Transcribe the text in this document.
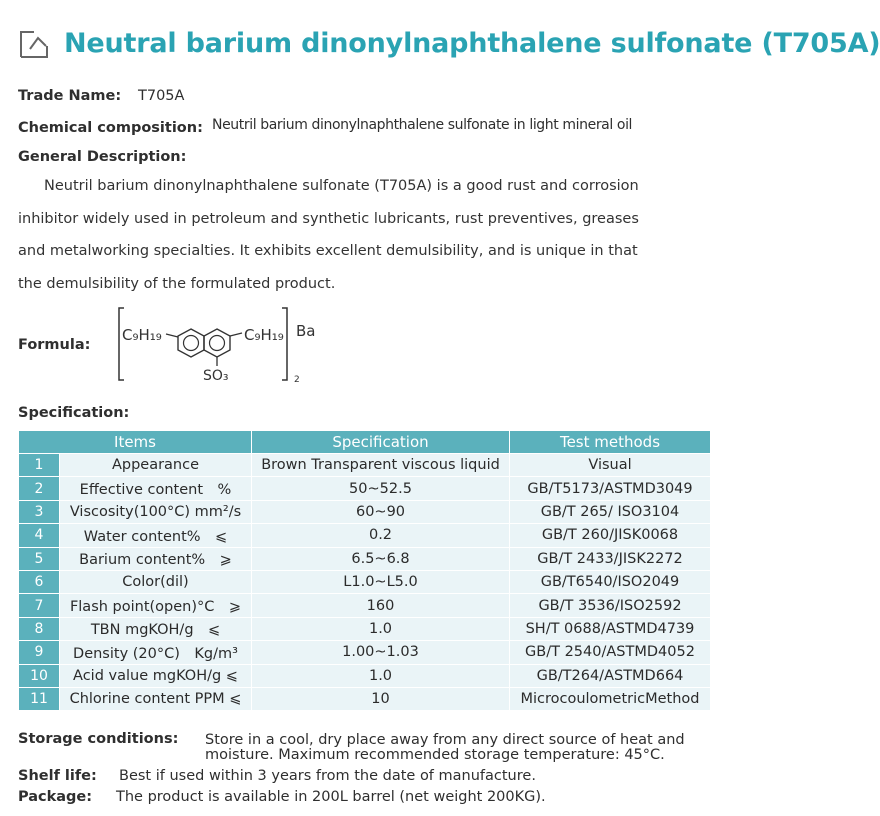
Neutral barium dinonylnaphthalene sulfonate (T705A)
Trade Name: T705A
Chemical composition: Neutril barium dinonylnaphthalene sulfonate in light mineral oil
General Description:

Neutril barium dinonylnaphthalene sulfonate (T705A) is a good rust and corrosion inhibitor widely used in petroleum and synthetic lubricants, rust preventives, greases and metalworking specialties. It exhibits excellent demulsibility, and is unique in that the demulsibility of the formulated product.

Formula:
C₉H₁₉	C₉H₁₉
SO₃
Ba
2
Specification:
Items		Specification	Test methods
1	Appearance	Brown Transparent viscous liquid	Visual
2	Effective content　%	50~52.5	GB/T5173/ASTMD3049
3	Viscosity(100°C) mm²/s	60~90	GB/T 265/ ISO3104
4	Water content%　⩽	0.2	GB/T 260/JISK0068
5	Barium content%　⩾	6.5~6.8	GB/T 2433/JISK2272
6	Color(dil)	L1.0~L5.0	GB/T6540/ISO2049
7	Flash point(open)°C　⩾	160	GB/T 3536/ISO2592
8	TBN mgKOH/g　⩽	1.0	SH/T 0688/ASTMD4739
9	Density (20°C)　Kg/m³	1.00~1.03	GB/T 2540/ASTMD4052
10	Acid value mgKOH/g ⩽	1.0	GB/T264/ASTMD664
11	Chlorine content PPM ⩽	10	MicrocoulometricMethod
Storage conditions: Store in a cool, dry place away from any direct source of heat and moisture. Maximum recommended storage temperature: 45°C.
Shelf life: Best if used within 3 years from the date of manufacture.
Package: The product is available in 200L barrel (net weight 200KG).
